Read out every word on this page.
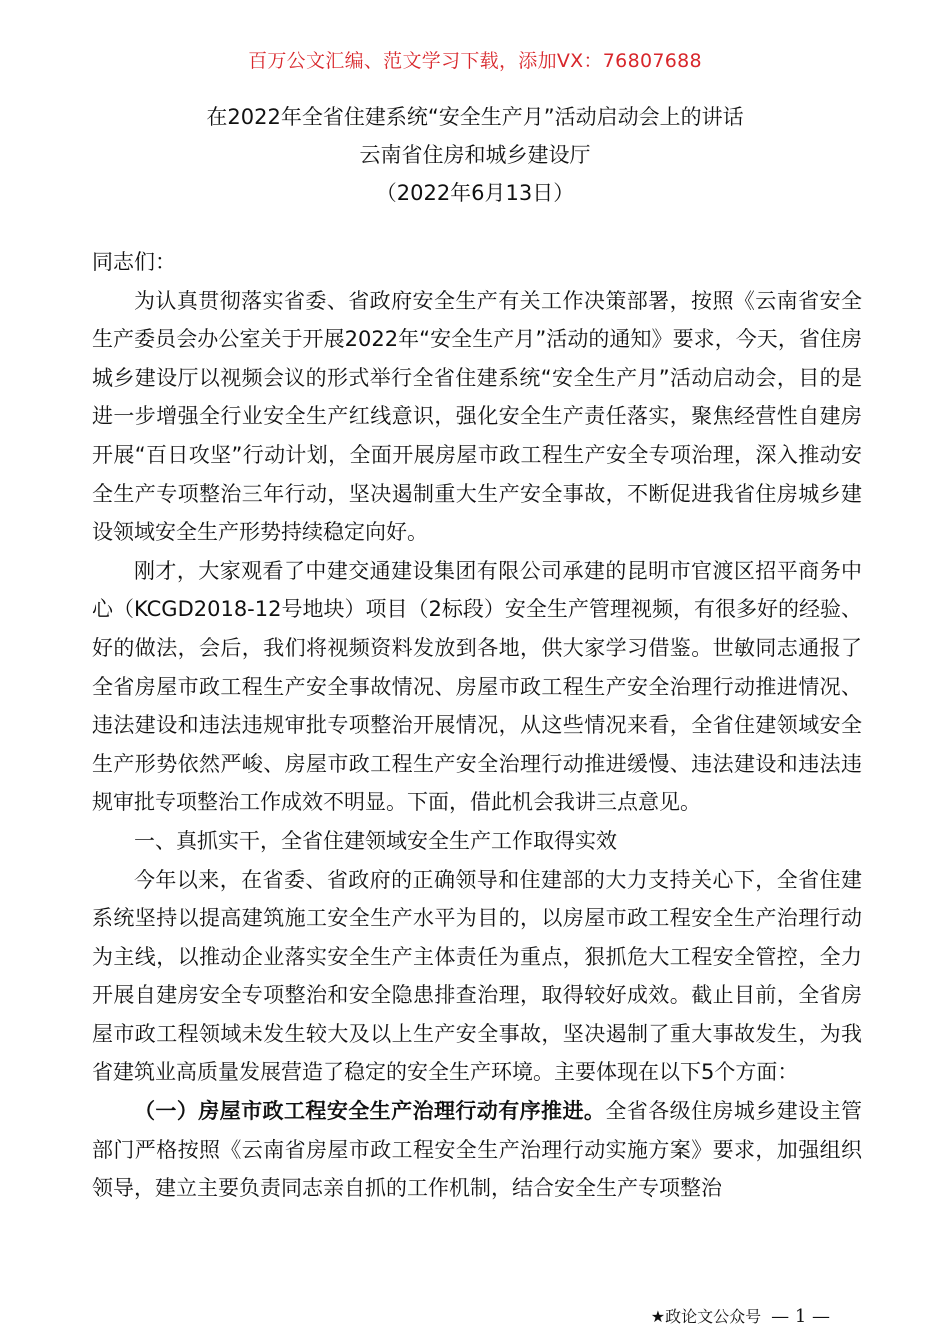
百万公文汇编、范文学习下载，添加VX：76807688
在2022年全省住建系统“安全生产月”活动启动会上的讲话
云南省住房和城乡建设厅
（2022年6月13日）

同志们：

为认真贯彻落实省委、省政府安全生产有关工作决策部署，按照《云南省安全生产委员会办公室关于开展2022年“安全生产月”活动的通知》要求，今天，省住房城乡建设厅以视频会议的形式举行全省住建系统“安全生产月”活动启动会，目的是进一步增强全行业安全生产红线意识，强化安全生产责任落实，聚焦经营性自建房开展“百日攻坚”行动计划，全面开展房屋市政工程生产安全专项治理，深入推动安全生产专项整治三年行动，坚决遏制重大生产安全事故，不断促进我省住房城乡建设领域安全生产形势持续稳定向好。

刚才，大家观看了中建交通建设集团有限公司承建的昆明市官渡区招平商务中心（KCGD2018-12号地块）项目（2标段）安全生产管理视频，有很多好的经验、好的做法，会后，我们将视频资料发放到各地，供大家学习借鉴。世敏同志通报了全省房屋市政工程生产安全事故情况、房屋市政工程生产安全治理行动推进情况、违法建设和违法违规审批专项整治开展情况，从这些情况来看，全省住建领域安全生产形势依然严峻、房屋市政工程生产安全治理行动推进缓慢、违法建设和违法违规审批专项整治工作成效不明显。下面，借此机会我讲三点意见。

一、真抓实干，全省住建领域安全生产工作取得实效

今年以来，在省委、省政府的正确领导和住建部的大力支持关心下，全省住建系统坚持以提高建筑施工安全生产水平为目的，以房屋市政工程安全生产治理行动为主线，以推动企业落实安全生产主体责任为重点，狠抓危大工程安全管控，全力开展自建房安全专项整治和安全隐患排查治理，取得较好成效。截止目前，全省房屋市政工程领域未发生较大及以上生产安全事故，坚决遏制了重大事故发生，为我省建筑业高质量发展营造了稳定的安全生产环境。主要体现在以下5个方面：

（一）房屋市政工程安全生产治理行动有序推进。全省各级住房城乡建设主管部门严格按照《云南省房屋市政工程安全生产治理行动实施方案》要求，加强组织领导，建立主要负责同志亲自抓的工作机制，结合安全生产专项整治

★政论文公众号 — 1 —
